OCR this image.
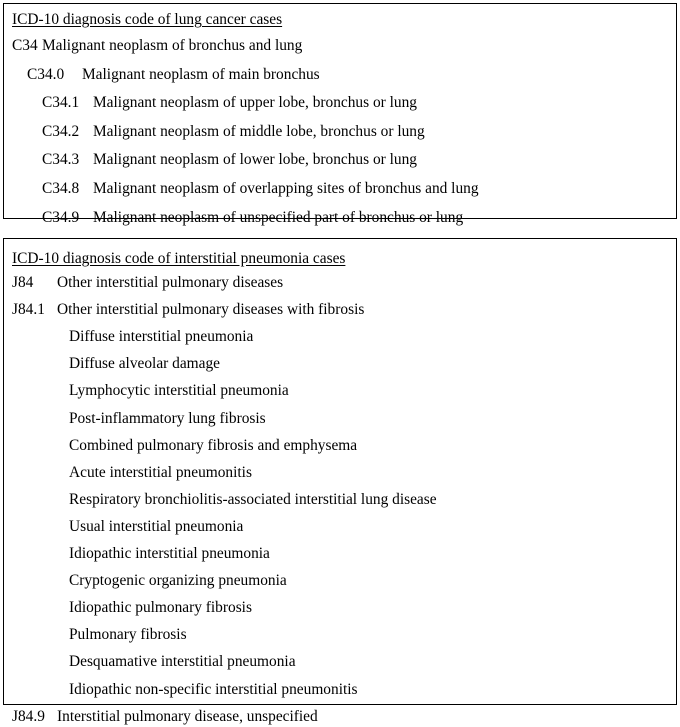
ICD-10 diagnosis code of lung cancer cases
C34 Malignant neoplasm of bronchus and lung
C34.0 Malignant neoplasm of main bronchus
C34.1 Malignant neoplasm of upper lobe, bronchus or lung
C34.2 Malignant neoplasm of middle lobe, bronchus or lung
C34.3 Malignant neoplasm of lower lobe, bronchus or lung
C34.8 Malignant neoplasm of overlapping sites of bronchus and lung
C34.9 Malignant neoplasm of unspecified part of bronchus or lung
ICD-10 diagnosis code of interstitial pneumonia cases
J84 Other interstitial pulmonary diseases
J84.1 Other interstitial pulmonary diseases with fibrosis
Diffuse interstitial pneumonia
Diffuse alveolar damage
Lymphocytic interstitial pneumonia
Post-inflammatory lung fibrosis
Combined pulmonary fibrosis and emphysema
Acute interstitial pneumonitis
Respiratory bronchiolitis-associated interstitial lung disease
Usual interstitial pneumonia
Idiopathic interstitial pneumonia
Cryptogenic organizing pneumonia
Idiopathic pulmonary fibrosis
Pulmonary fibrosis
Desquamative interstitial pneumonia
Idiopathic non-specific interstitial pneumonitis
J84.9 Interstitial pulmonary disease, unspecified
